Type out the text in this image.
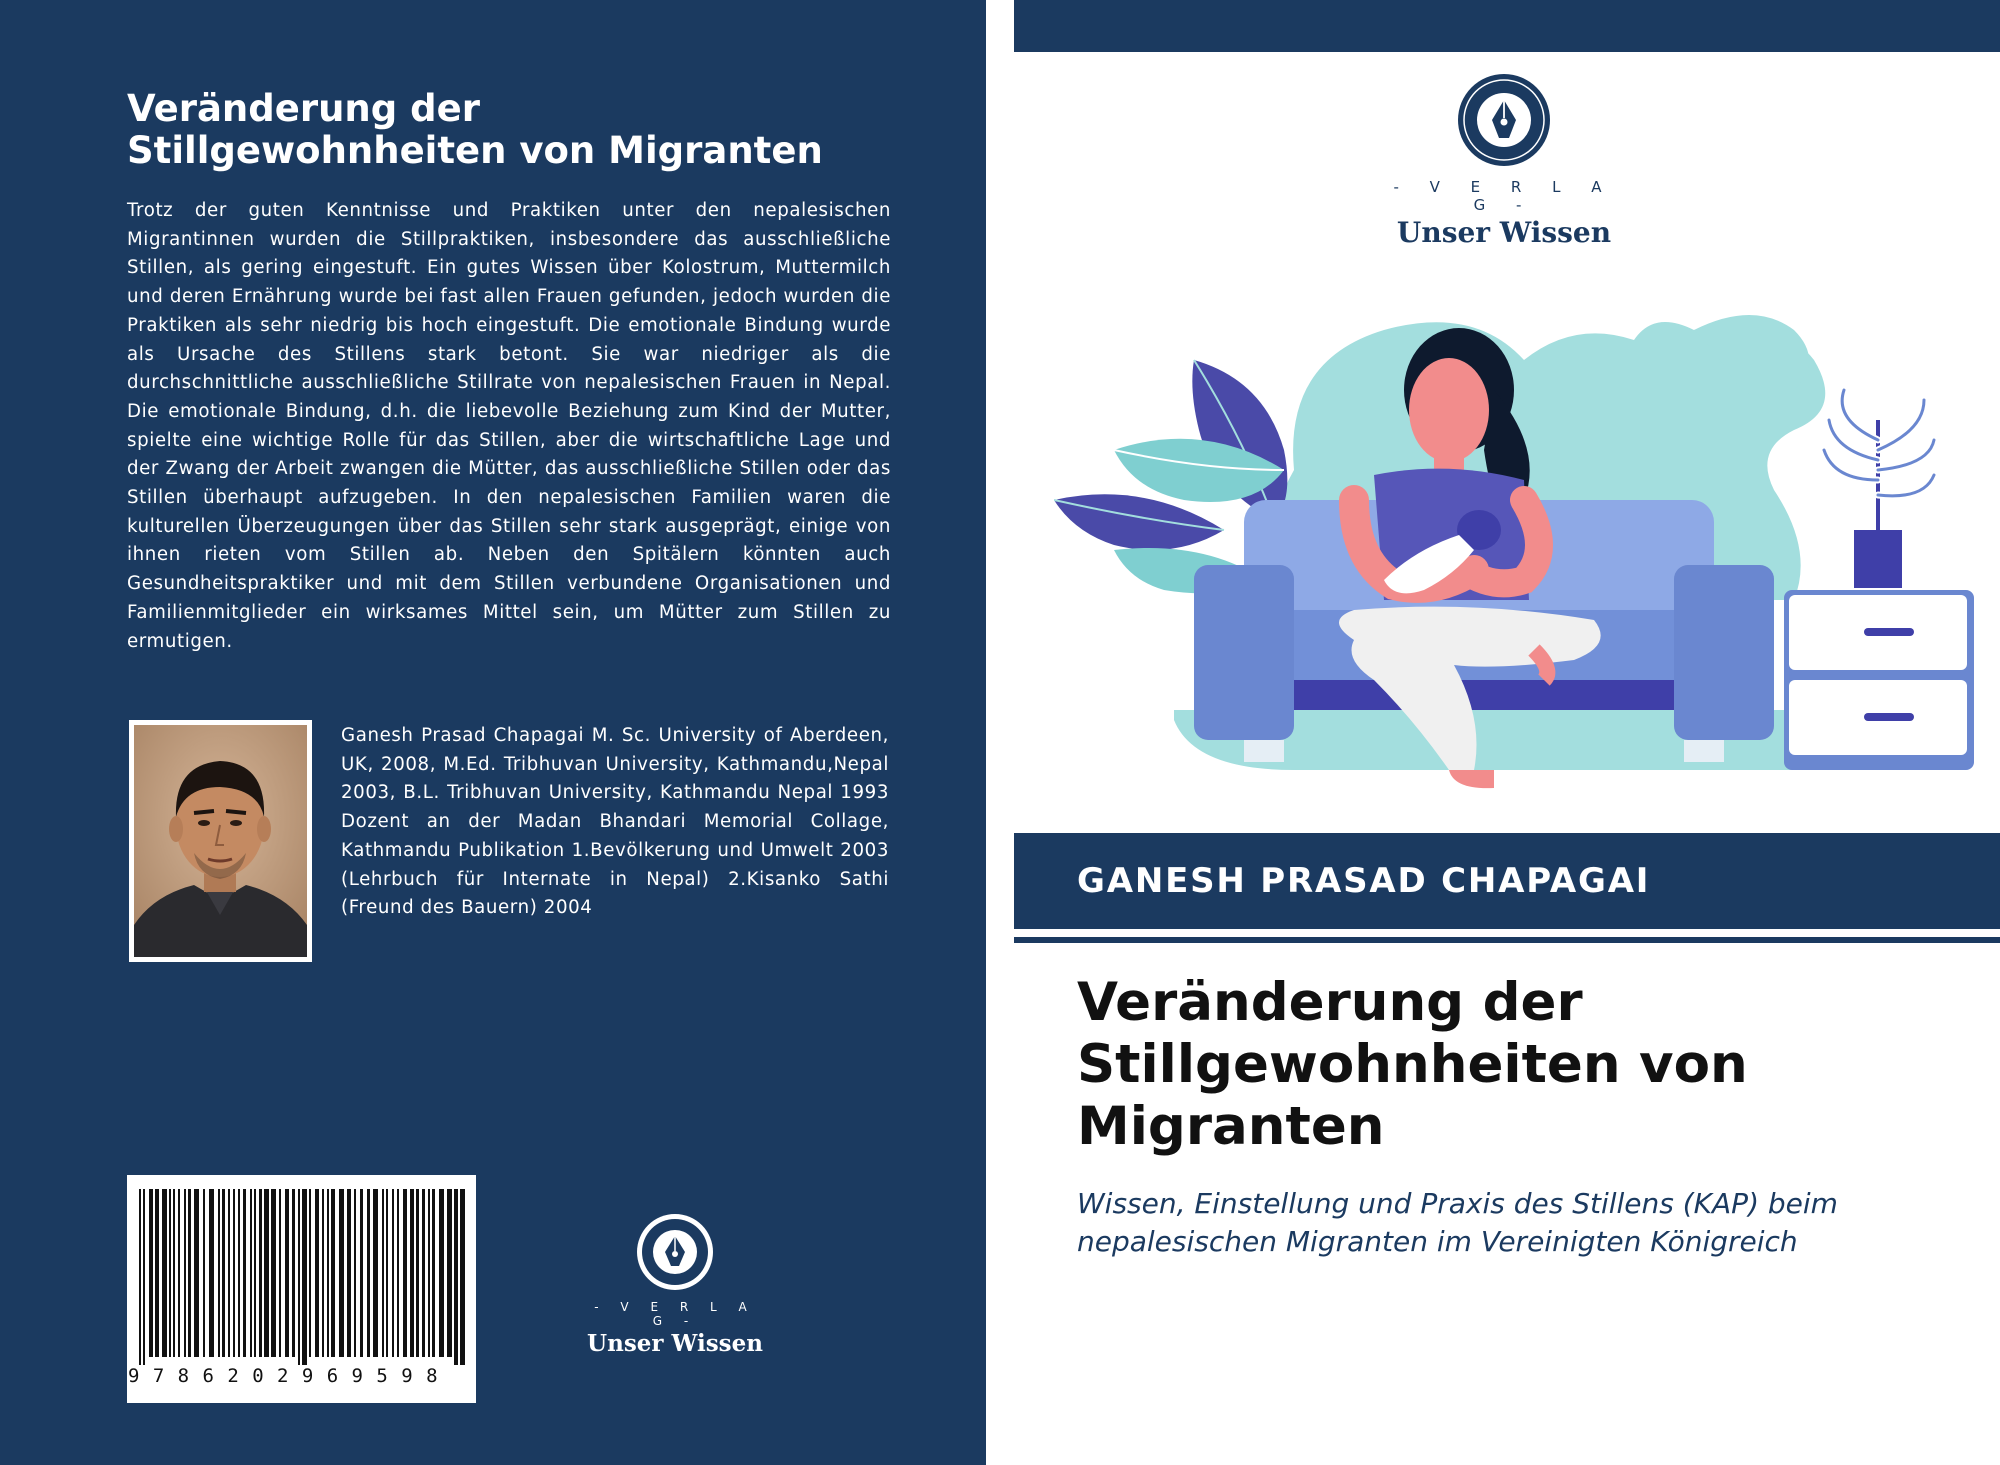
Veränderung der
Stillgewohnheiten von Migranten

Trotz der guten Kenntnisse und Praktiken unter den nepalesischen Migrantinnen wurden die Stillpraktiken, insbesondere das ausschließliche Stillen, als gering eingestuft. Ein gutes Wissen über Kolostrum, Muttermilch und deren Ernährung wurde bei fast allen Frauen gefunden, jedoch wurden die Praktiken als sehr niedrig bis hoch eingestuft. Die emotionale Bindung wurde als Ursache des Stillens stark betont. Sie war niedriger als die durchschnittliche ausschließliche Stillrate von nepalesischen Frauen in Nepal. Die emotionale Bindung, d.h. die liebevolle Beziehung zum Kind der Mutter, spielte eine wichtige Rolle für das Stillen, aber die wirtschaftliche Lage und der Zwang der Arbeit zwangen die Mütter, das ausschließliche Stillen oder das Stillen überhaupt aufzugeben. In den nepalesischen Familien waren die kulturellen Überzeugungen über das Stillen sehr stark ausgeprägt, einige von ihnen rieten vom Stillen ab. Neben den Spitälern könnten auch Gesundheitspraktiker und mit dem Stillen verbundene Organisationen und Familienmitglieder ein wirksames Mittel sein, um Mütter zum Stillen zu ermutigen.

Ganesh Prasad Chapagai M. Sc. University of Aberdeen, UK, 2008, M.Ed. Tribhuvan University, Kathmandu,Nepal 2003, B.L. Tribhuvan University, Kathmandu Nepal 1993 Dozent an der Madan Bhandari Memorial Collage, Kathmandu Publikation 1.Bevölkerung und Umwelt 2003 (Lehrbuch für Internate in Nepal) 2.Kisanko Sathi (Freund des Bauern) 2004

9786202969598
- V E R L A G -
Unser Wissen
- V E R L A G -
Unser Wissen
GANESH PRASAD CHAPAGAI
Veränderung der
Stillgewohnheiten von
Migranten

Wissen, Einstellung und Praxis des Stillens (KAP) beim
nepalesischen Migranten im Vereinigten Königreich
